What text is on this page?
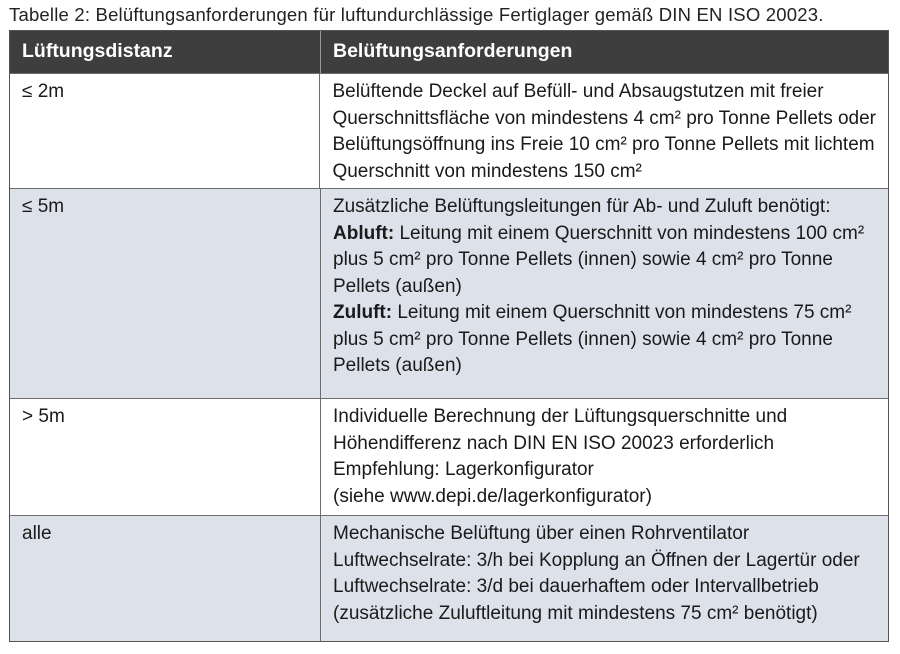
Tabelle 2: Belüftungsanforderungen für luftundurchlässige Fertiglager gemäß DIN EN ISO 20023.
Lüftungsdistanz	Belüftungsanforderungen
≤ 2m	Belüftende Deckel auf Befüll- und Absaugstutzen mit freier
Querschnittsfläche von mindestens 4 cm² pro Tonne Pellets oder
Belüftungsöffnung ins Freie 10 cm² pro Tonne Pellets mit lichtem
Querschnitt von mindestens 150 cm²
≤ 5m	Zusätzliche Belüftungsleitungen für Ab- und Zuluft benötigt:
Abluft: Leitung mit einem Querschnitt von mindestens 100 cm²
plus 5 cm² pro Tonne Pellets (innen) sowie 4 cm² pro Tonne
Pellets (außen)
Zuluft: Leitung mit einem Querschnitt von mindestens 75 cm²
plus 5 cm² pro Tonne Pellets (innen) sowie 4 cm² pro Tonne
Pellets (außen)
> 5m	Individuelle Berechnung der Lüftungsquerschnitte und
Höhendifferenz nach DIN EN ISO 20023 erforderlich
Empfehlung: Lagerkonfigurator
(siehe www.depi.de/lagerkonfigurator)
alle	Mechanische Belüftung über einen Rohrventilator
Luftwechselrate: 3/h bei Kopplung an Öffnen der Lagertür oder
Luftwechselrate: 3/d bei dauerhaftem oder Intervallbetrieb
(zusätzliche Zuluftleitung mit mindestens 75 cm² benötigt)
